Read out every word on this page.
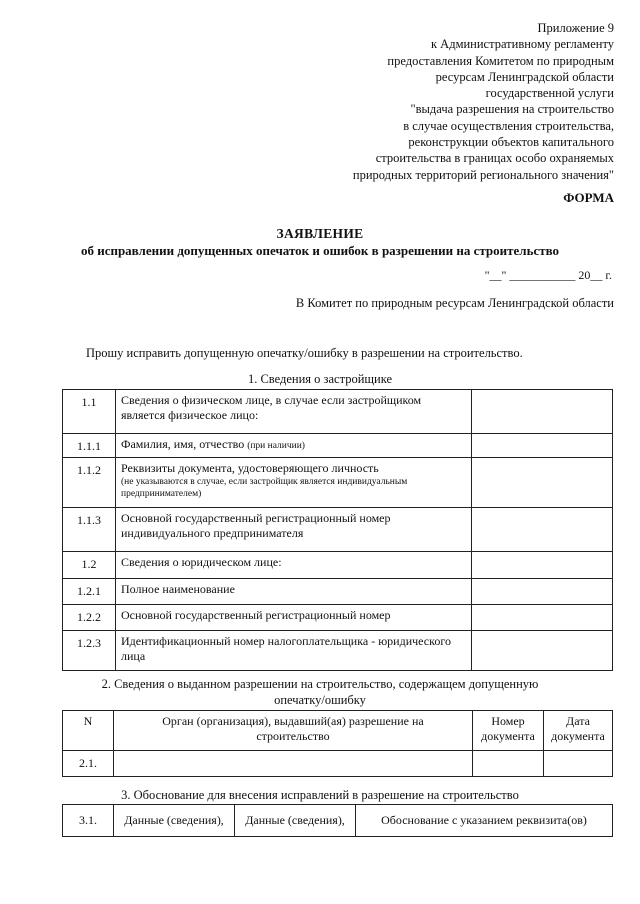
Приложение 9
к Административному регламенту
предоставления Комитетом по природным
ресурсам Ленинградской области
государственной услуги
"выдача разрешения на строительство
в случае осуществления строительства,
реконструкции объектов капитального
строительства в границах особо охраняемых
природных территорий регионального значения"
ФОРМА
ЗАЯВЛЕНИЕ
об исправлении допущенных опечаток и ошибок в разрешении на строительство
"__" ___________ 20__ г.
В Комитет по природным ресурсам Ленинградской области
Прошу исправить допущенную опечатку/ошибку в разрешении на строительство.
1. Сведения о застройщике
1.1	Сведения о физическом лице, в случае если застройщиком является физическое лицо:	
1.1.1	Фамилия, имя, отчество (при наличии)	
1.1.2	Реквизиты документа, удостоверяющего личность
(не указываются в случае, если застройщик является индивидуальным предпринимателем)	

1.1.3	Основной государственный регистрационный номер индивидуального предпринимателя	
1.2	Сведения о юридическом лице:	
1.2.1	Полное наименование	
1.2.2	Основной государственный регистрационный номер	
1.2.3	Идентификационный номер налогоплательщика - юридического лица	
2. Сведения о выданном разрешении на строительство, содержащем допущенную
опечатку/ошибку
N	Орган (организация), выдавший(ая) разрешение на строительство	Номер документа	Дата документа
2.1.			
3. Обоснование для внесения исправлений в разрешение на строительство
3.1.	Данные (сведения),	Данные (сведения),	Обоснование с указанием реквизита(ов)
